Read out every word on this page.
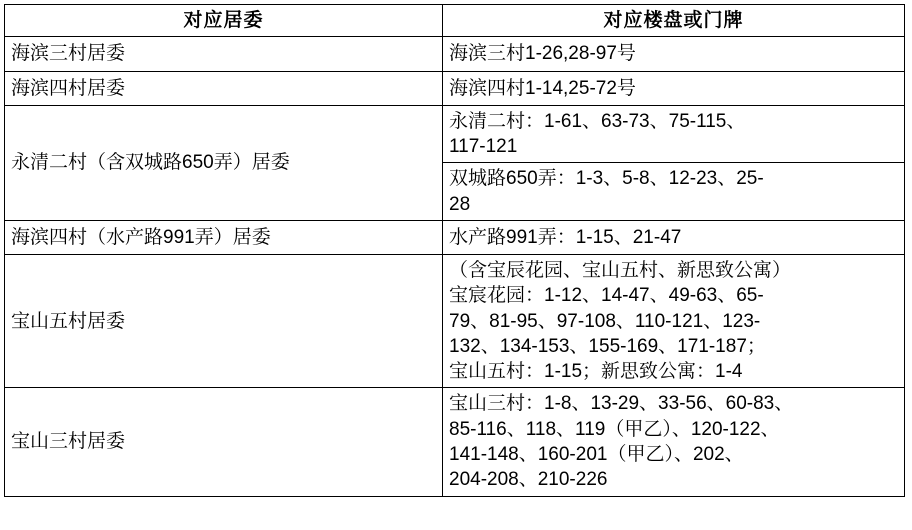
对应居委	对应楼盘或门牌
海滨三村居委	海滨三村1-26,28-97号

海滨四村居委	海滨四村1-14,25-72号

永清二村（含双城路650弄）居委	永清二村：1-61、63-73、75-115、
117-121

	双城路650弄：1-3、5-8、12-23、25-
28

海滨四村（水产路991弄）居委	水产路991弄：1-15、21-47

宝山五村居委	（含宝辰花园、宝山五村、新思致公寓）
宝宸花园：1-12、14-47、49-63、65-
79、81-95、97-108、110-121、123-
132、134-153、155-169、171-187；
宝山五村：1-15；新思致公寓：1-4

宝山三村居委	宝山三村：1-8、13-29、33-56、60-83、
85-116、118、119（甲乙）、120-122、
141-148、160-201（甲乙）、202、
204-208、210-226
